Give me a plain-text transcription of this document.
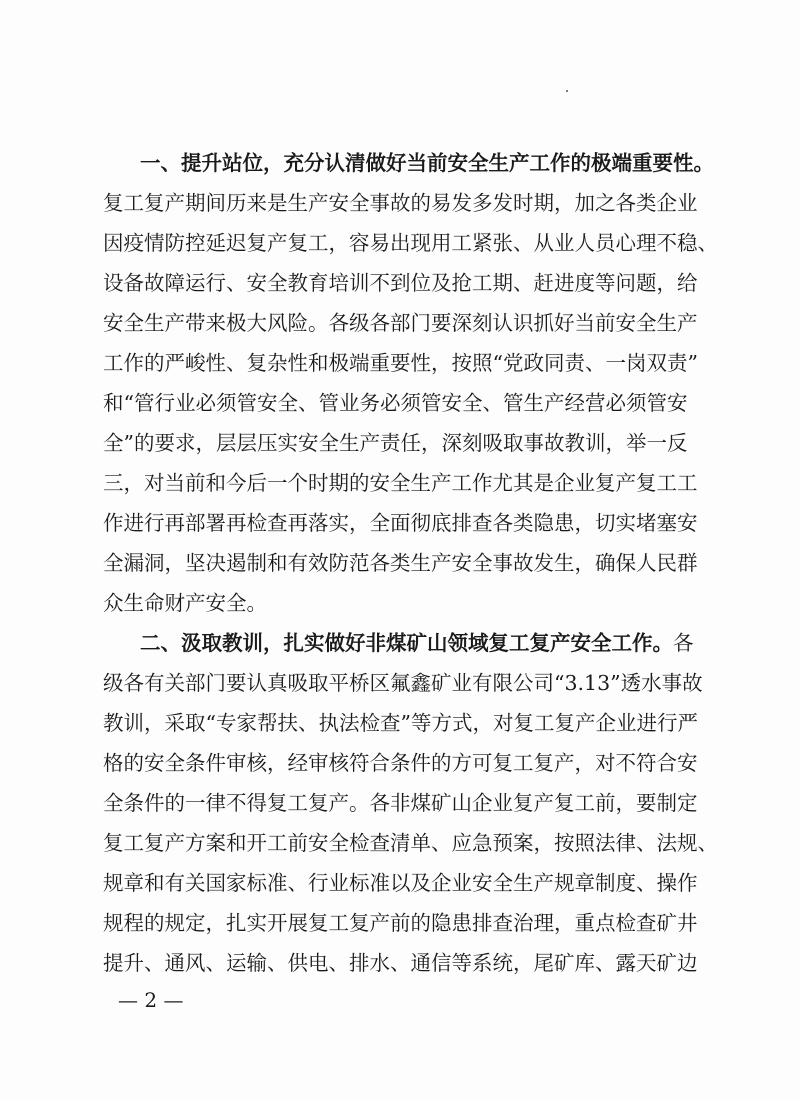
一、提升站位，充分认清做好当前安全生产工作的极端重要性。
复工复产期间历来是生产安全事故的易发多发时期，加之各类企业
因疫情防控延迟复产复工，容易出现用工紧张、从业人员心理不稳、
设备故障运行、安全教育培训不到位及抢工期、赶进度等问题，给
安全生产带来极大风险。各级各部门要深刻认识抓好当前安全生产
工作的严峻性、复杂性和极端重要性，按照“党政同责、一岗双责”
和“管行业必须管安全、管业务必须管安全、管生产经营必须管安
全”的要求，层层压实安全生产责任，深刻吸取事故教训，举一反
三，对当前和今后一个时期的安全生产工作尤其是企业复产复工工
作进行再部署再检查再落实，全面彻底排查各类隐患，切实堵塞安
全漏洞，坚决遏制和有效防范各类生产安全事故发生，确保人民群
众生命财产安全。
二、汲取教训，扎实做好非煤矿山领域复工复产安全工作。各
级各有关部门要认真吸取平桥区氟鑫矿业有限公司“3.13”透水事故
教训，采取“专家帮扶、执法检查”等方式，对复工复产企业进行严
格的安全条件审核，经审核符合条件的方可复工复产，对不符合安
全条件的一律不得复工复产。各非煤矿山企业复产复工前，要制定
复工复产方案和开工前安全检查清单、应急预案，按照法律、法规、
规章和有关国家标准、行业标准以及企业安全生产规章制度、操作
规程的规定，扎实开展复工复产前的隐患排查治理，重点检查矿井
提升、通风、运输、供电、排水、通信等系统，尾矿库、露天矿边
— 2 —
